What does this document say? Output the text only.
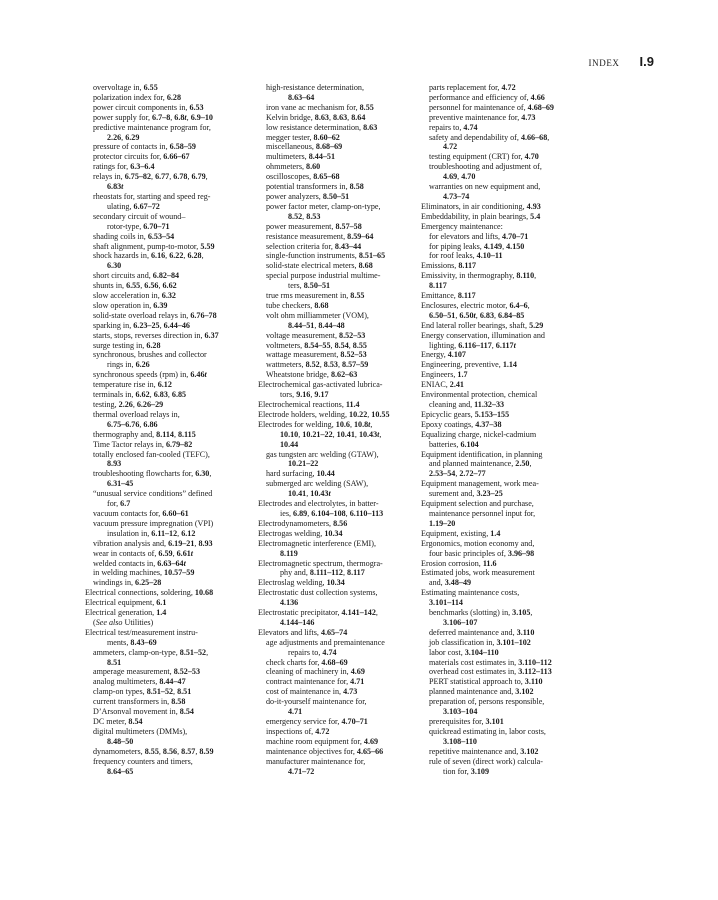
INDEX I.9
overvoltage in, 6.55
polarization index for, 6.28
power circuit components in, 6.53
power supply for, 6.7–8, 6.8t, 6.9–10
predictive maintenance program for,
2.26, 6.29
pressure of contacts in, 6.58–59
protector circuits for, 6.66–67
ratings for, 6.3–6.4
relays in, 6.75–82, 6.77, 6.78, 6.79,
6.83t
rheostats for, starting and speed reg-
ulating, 6.67–72
secondary circuit of wound–
rotor-type, 6.70–71
shading coils in, 6.53–54
shaft alignment, pump-to-motor, 5.59
shock hazards in, 6.16, 6.22, 6.28,
6.30
short circuits and, 6.82–84
shunts in, 6.55, 6.56, 6.62
slow acceleration in, 6.32
slow operation in, 6.39
solid-state overload relays in, 6.76–78
sparking in, 6.23–25, 6.44–46
starts, stops, reverses direction in, 6.37
surge testing in, 6.28
synchronous, brushes and collector
rings in, 6.26
synchronous speeds (rpm) in, 6.46t
temperature rise in, 6.12
terminals in, 6.62, 6.83, 6.85
testing, 2.26, 6.26–29
thermal overload relays in,
6.75–6.76, 6.86
thermography and, 8.114, 8.115
Time Tactor relays in, 6.79–82
totally enclosed fan-cooled (TEFC),
8.93
troubleshooting flowcharts for, 6.30,
6.31–45
“unusual service conditions” defined
for, 6.7
vacuum contacts for, 6.60–61
vacuum pressure impregnation (VPI)
insulation in, 6.11–12, 6.12
vibration analysis and, 6.19–21, 8.93
wear in contacts of, 6.59, 6.61t
welded contacts in, 6.63–64t
in welding machines, 10.57–59
windings in, 6.25–28
Electrical connections, soldering, 10.68
Electrical equipment, 6.1
Electrical generation, 1.4
(See also Utilities)
Electrical test/measurement instru-
ments, 8.43–69
ammeters, clamp-on-type, 8.51–52,
8.51
amperage measurement, 8.52–53
analog multimeters, 8.44–47
clamp-on types, 8.51–52, 8.51
current transformers in, 8.58
D’Arsonval movement in, 8.54
DC meter, 8.54
digital multimeters (DMMs),
8.48–50
dynamometers, 8.55, 8.56, 8.57, 8.59
frequency counters and timers,
8.64–65
high-resistance determination,
8.63–64
iron vane ac mechanism for, 8.55
Kelvin bridge, 8.63, 8.63, 8.64
low resistance determination, 8.63
megger tester, 8.60–62
miscellaneous, 8.68–69
multimeters, 8.44–51
ohmmeters, 8.60
oscilloscopes, 8.65–68
potential transformers in, 8.58
power analyzers, 8.50–51
power factor meter, clamp-on-type,
8.52, 8.53
power measurement, 8.57–58
resistance measurement, 8.59–64
selection criteria for, 8.43–44
single-function instruments, 8.51–65
solid-state electrical meters, 8.68
special purpose industrial multime-
ters, 8.50–51
true rms measurement in, 8.55
tube checkers, 8.68
volt ohm milliammeter (VOM),
8.44–51, 8.44–48
voltage measurement, 8.52–53
voltmeters, 8.54–55, 8.54, 8.55
wattage measurement, 8.52–53
wattmeters, 8.52, 8.53, 8.57–59
Wheatstone bridge, 8.62–63
Electrochemical gas-activated lubrica-
tors, 9.16, 9.17
Electrochemical reactions, 11.4
Electrode holders, welding, 10.22, 10.55
Electrodes for welding, 10.6, 10.8t,
10.10, 10.21–22, 10.41, 10.43t,
10.44
gas tungsten arc welding (GTAW),
10.21–22
hard surfacing, 10.44
submerged arc welding (SAW),
10.41, 10.43t
Electrodes and electrolytes, in batter-
ies, 6.89, 6.104–108, 6.110–113
Electrodynamometers, 8.56
Electrogas welding, 10.34
Electromagnetic interference (EMI),
8.119
Electromagnetic spectrum, thermogra-
phy and, 8.111–112, 8.117
Electroslag welding, 10.34
Electrostatic dust collection systems,
4.136
Electrostatic precipitator, 4.141–142,
4.144–146
Elevators and lifts, 4.65–74
age adjustments and premaintenance
repairs to, 4.74
check charts for, 4.68–69
cleaning of machinery in, 4.69
contract maintenance for, 4.71
cost of maintenance in, 4.73
do-it-yourself maintenance for,
4.71
emergency service for, 4.70–71
inspections of, 4.72
machine room equipment for, 4.69
maintenance objectives for, 4.65–66
manufacturer maintenance for,
4.71–72
parts replacement for, 4.72
performance and efficiency of, 4.66
personnel for maintenance of, 4.68–69
preventive maintenance for, 4.73
repairs to, 4.74
safety and dependability of, 4.66–68,
4.72
testing equipment (CRT) for, 4.70
troubleshooting and adjustment of,
4.69, 4.70
warranties on new equipment and,
4.73–74
Eliminators, in air conditioning, 4.93
Embeddability, in plain bearings, 5.4
Emergency maintenance:
for elevators and lifts, 4.70–71
for piping leaks, 4.149, 4.150
for roof leaks, 4.10–11
Emissions, 8.117
Emissivity, in thermography, 8.110,
8.117
Emittance, 8.117
Enclosures, electric motor, 6.4–6,
6.50–51, 6.50t, 6.83, 6.84–85
End lateral roller bearings, shaft, 5.29
Energy conservation, illumination and
lighting, 6.116–117, 6.117t
Energy, 4.107
Engineering, preventive, 1.14
Engineers, 1.7
ENIAC, 2.41
Environmental protection, chemical
cleaning and, 11.32–33
Epicyclic gears, 5.153–155
Epoxy coatings, 4.37–38
Equalizing charge, nickel-cadmium
batteries, 6.104
Equipment identification, in planning
and planned maintenance, 2.50,
2.53–54, 2.72–77
Equipment management, work mea-
surement and, 3.23–25
Equipment selection and purchase,
maintenance personnel input for,
1.19–20
Equipment, existing, 1.4
Ergonomics, motion economy and,
four basic principles of, 3.96–98
Erosion corrosion, 11.6
Estimated jobs, work measurement
and, 3.48–49
Estimating maintenance costs,
3.101–114
benchmarks (slotting) in, 3.105,
3.106–107
deferred maintenance and, 3.110
job classification in, 3.101–102
labor cost, 3.104–110
materials cost estimates in, 3.110–112
overhead cost estimates in, 3.112–113
PERT statistical approach to, 3.110
planned maintenance and, 3.102
preparation of, persons responsible,
3.103–104
prerequisites for, 3.101
quickread estimating in, labor costs,
3.108–110
repetitive maintenance and, 3.102
rule of seven (direct work) calcula-
tion for, 3.109
